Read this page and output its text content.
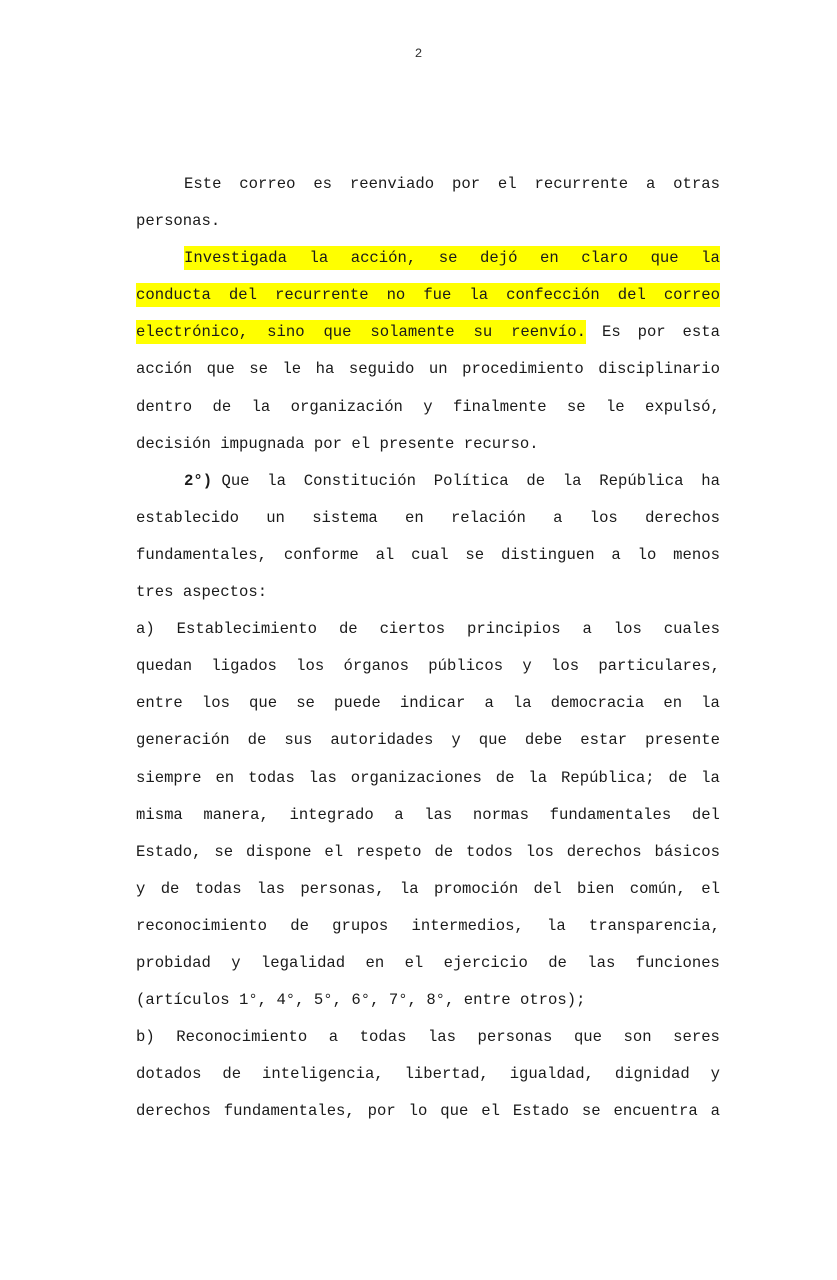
2
Este correo es reenviado por el recurrente a otras
personas.
Investigada la acción, se dejó en claro que la
conducta del recurrente no fue la confección del correo
electrónico, sino que solamente su reenvío. Es por esta
acción que se le ha seguido un procedimiento disciplinario
dentro de la organización y finalmente se le expulsó,
decisión impugnada por el presente recurso.
2°) Que la Constitución Política de la República ha
establecido un sistema en relación a los derechos
fundamentales, conforme al cual se distinguen a lo menos
tres aspectos:
a) Establecimiento de ciertos principios a los cuales
quedan ligados los órganos públicos y los particulares,
entre los que se puede indicar a la democracia en la
generación de sus autoridades y que debe estar presente
siempre en todas las organizaciones de la República; de la
misma manera, integrado a las normas fundamentales del
Estado, se dispone el respeto de todos los derechos básicos
y de todas las personas, la promoción del bien común, el
reconocimiento de grupos intermedios, la transparencia,
probidad y legalidad en el ejercicio de las funciones
(artículos 1°, 4°, 5°, 6°, 7°, 8°, entre otros);
b) Reconocimiento a todas las personas que son seres
dotados de inteligencia, libertad, igualdad, dignidad y
derechos fundamentales, por lo que el Estado se encuentra a
